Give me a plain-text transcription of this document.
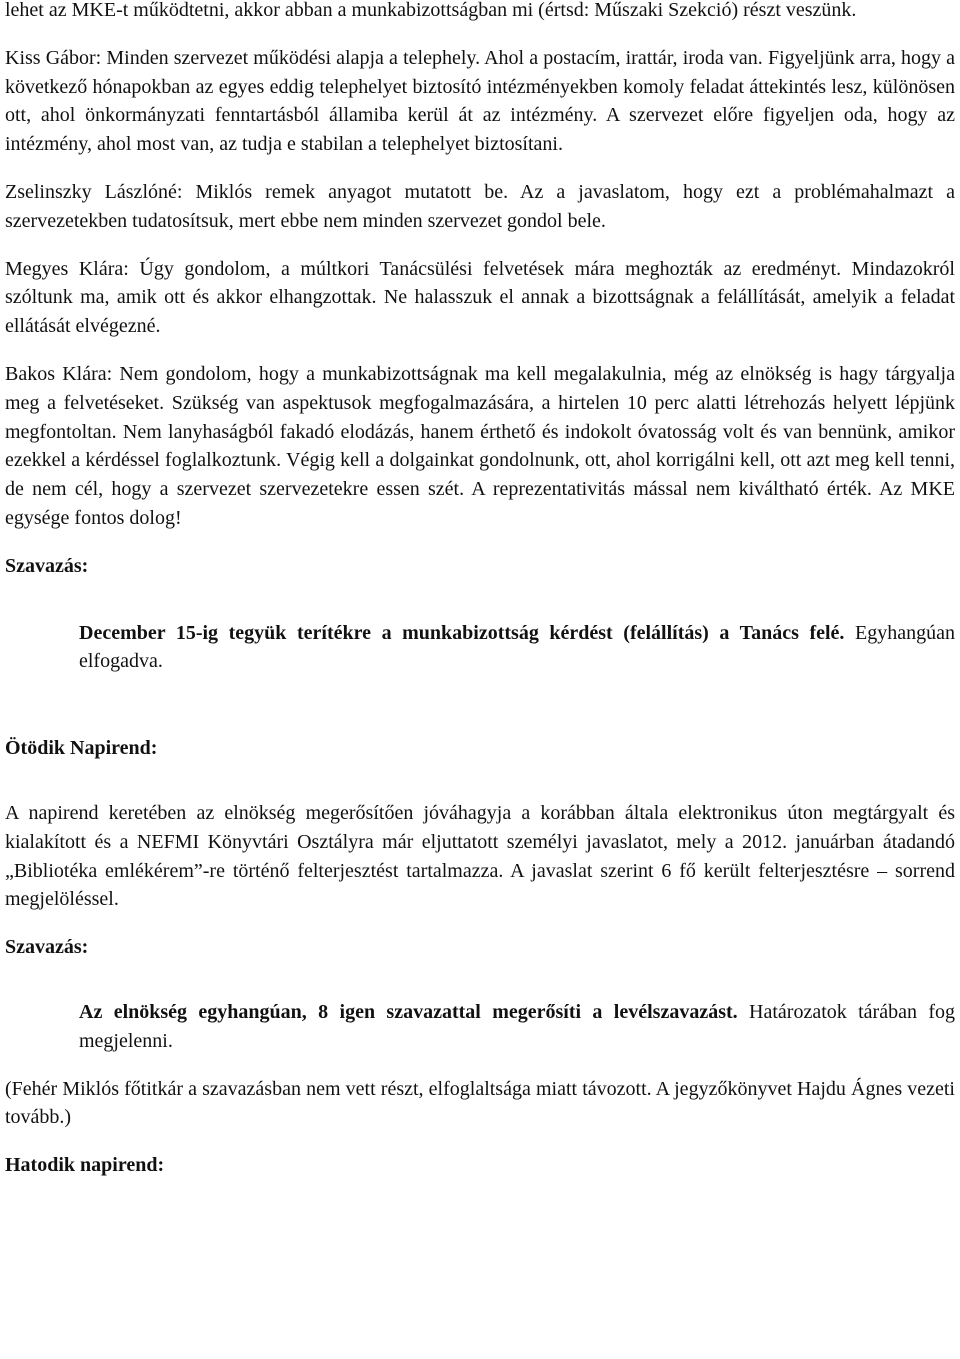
lehet az MKE-t működtetni, akkor abban a munkabizottságban mi (értsd: Műszaki Szekció) részt veszünk.

Kiss Gábor: Minden szervezet működési alapja a telephely. Ahol a postacím, irattár, iroda van. Figyeljünk arra, hogy a következő hónapokban az egyes eddig telephelyet biztosító intézményekben komoly feladat áttekintés lesz, különösen ott, ahol önkormányzati fenntartásból államiba kerül át az intézmény. A szervezet előre figyeljen oda, hogy az intézmény, ahol most van, az tudja e stabilan a telephelyet biztosítani.

Zselinszky Lászlóné: Miklós remek anyagot mutatott be. Az a javaslatom, hogy ezt a problémahalmazt a szervezetekben tudatosítsuk, mert ebbe nem minden szervezet gondol bele.

Megyes Klára: Úgy gondolom, a múltkori Tanácsülési felvetések mára meghozták az eredményt. Mindazokról szóltunk ma, amik ott és akkor elhangzottak. Ne halasszuk el annak a bizottságnak a felállítását, amelyik a feladat ellátását elvégezné.

Bakos Klára: Nem gondolom, hogy a munkabizottságnak ma kell megalakulnia, még az elnökség is hagy tárgyalja meg a felvetéseket. Szükség van aspektusok megfogalmazására, a hirtelen 10 perc alatti létrehozás helyett lépjünk megfontoltan. Nem lanyhaságból fakadó elodázás, hanem érthető és indokolt óvatosság volt és van bennünk, amikor ezekkel a kérdéssel foglalkoztunk. Végig kell a dolgainkat gondolnunk, ott, ahol korrigálni kell, ott azt meg kell tenni, de nem cél, hogy a szervezet szervezetekre essen szét. A reprezentativitás mással nem kiváltható érték. Az MKE egysége fontos dolog!

Szavazás:

December 15-ig tegyük terítékre a munkabizottság kérdést (felállítás) a Tanács felé. Egyhangúan elfogadva.

Ötödik Napirend:

A napirend keretében az elnökség megerősítően jóváhagyja a korábban általa elektronikus úton megtárgyalt és kialakított és a NEFMI Könyvtári Osztályra már eljuttatott személyi javaslatot, mely a 2012. januárban átadandó „Bibliotéka emlékérem”-re történő felterjesztést tartalmazza. A javaslat szerint 6 fő került felterjesztésre – sorrend megjelöléssel.

Szavazás:

Az elnökség egyhangúan, 8 igen szavazattal megerősíti a levélszavazást. Határozatok tárában fog megjelenni.

(Fehér Miklós főtitkár a szavazásban nem vett részt, elfoglaltsága miatt távozott. A jegyzőkönyvet Hajdu Ágnes vezeti tovább.)

Hatodik napirend:
